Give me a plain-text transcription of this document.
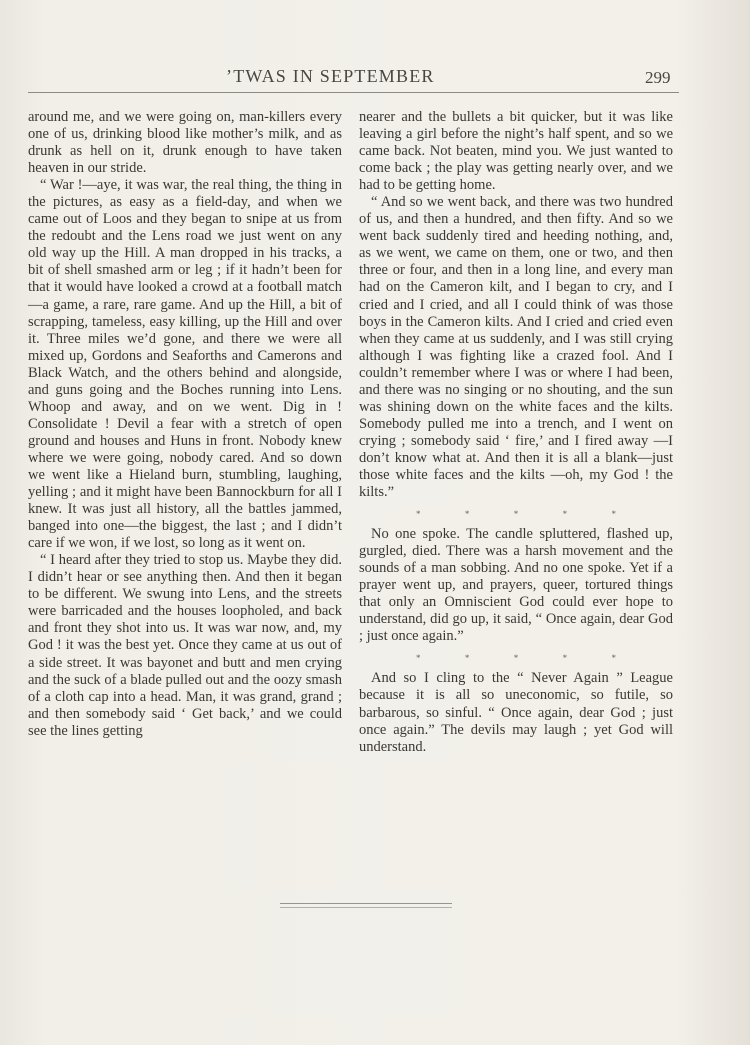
’TWAS IN SEPTEMBER	299

around me, and we were going on, man-killers every one of us, drinking blood like mother’s milk, and as drunk as hell on it, drunk enough to have taken heaven in our stride.

“ War !—aye, it was war, the real thing, the thing in the pictures, as easy as a field-day, and when we came out of Loos and they began to snipe at us from the redoubt and the Lens road we just went on any old way up the Hill. A man dropped in his tracks, a bit of shell smashed arm or leg ; if it hadn’t been for that it would have looked a crowd at a football match—a game, a rare, rare game. And up the Hill, a bit of scrapping, tameless, easy killing, up the Hill and over it. Three miles we’d gone, and there we were all mixed up, Gordons and Seaforths and Camerons and Black Watch, and the others behind and alongside, and guns going and the Boches running into Lens. Whoop and away, and on we went. Dig in ! Consolidate ! Devil a fear with a stretch of open ground and houses and Huns in front. Nobody knew where we were going, nobody cared. And so down we went like a Hieland burn, stumbling, laughing, yelling ; and it might have been Bannockburn for all I knew. It was just all history, all the battles jammed, banged into one—the biggest, the last ; and I didn’t care if we won, if we lost, so long as it went on.

“ I heard after they tried to stop us. Maybe they did. I didn’t hear or see anything then. And then it began to be different. We swung into Lens, and the streets were barricaded and the houses loopholed, and back and front they shot into us. It was war now, and, my God ! it was the best yet. Once they came at us out of a side street. It was bayonet and butt and men crying and the suck of a blade pulled out and the oozy smash of a cloth cap into a head. Man, it was grand, grand ; and then somebody said ‘ Get back,’ and we could see the lines getting

nearer and the bullets a bit quicker, but it was like leaving a girl before the night’s half spent, and so we came back. Not beaten, mind you. We just wanted to come back ; the play was getting nearly over, and we had to be getting home.

“ And so we went back, and there was two hundred of us, and then a hundred, and then fifty. And so we went back suddenly tired and heeding nothing, and, as we went, we came on them, one or two, and then three or four, and then in a long line, and every man had on the Cameron kilt, and I began to cry, and I cried and I cried, and all I could think of was those boys in the Cameron kilts. And I cried and cried even when they came at us suddenly, and I was still crying although I was fighting like a crazed fool. And I couldn’t remember where I was or where I had been, and there was no singing or no shouting, and the sun was shining down on the white faces and the kilts. Somebody pulled me into a trench, and I went on crying ; somebody said ‘ fire,’ and I fired away —I don’t know what at. And then it is all a blank—just those white faces and the kilts —oh, my God ! the kilts.”

*	*	*	*	*

No one spoke. The candle spluttered, flashed up, gurgled, died. There was a harsh movement and the sounds of a man sobbing. And no one spoke. Yet if a prayer went up, and prayers, queer, tortured things that only an Omniscient God could ever hope to understand, did go up, it said, “ Once again, dear God ; just once again.”

*	*	*	*	*

And so I cling to the “ Never Again ” League because it is all so uneconomic, so futile, so barbarous, so sinful. “ Once again, dear God ; just once again.” The devils may laugh ; yet God will understand.
